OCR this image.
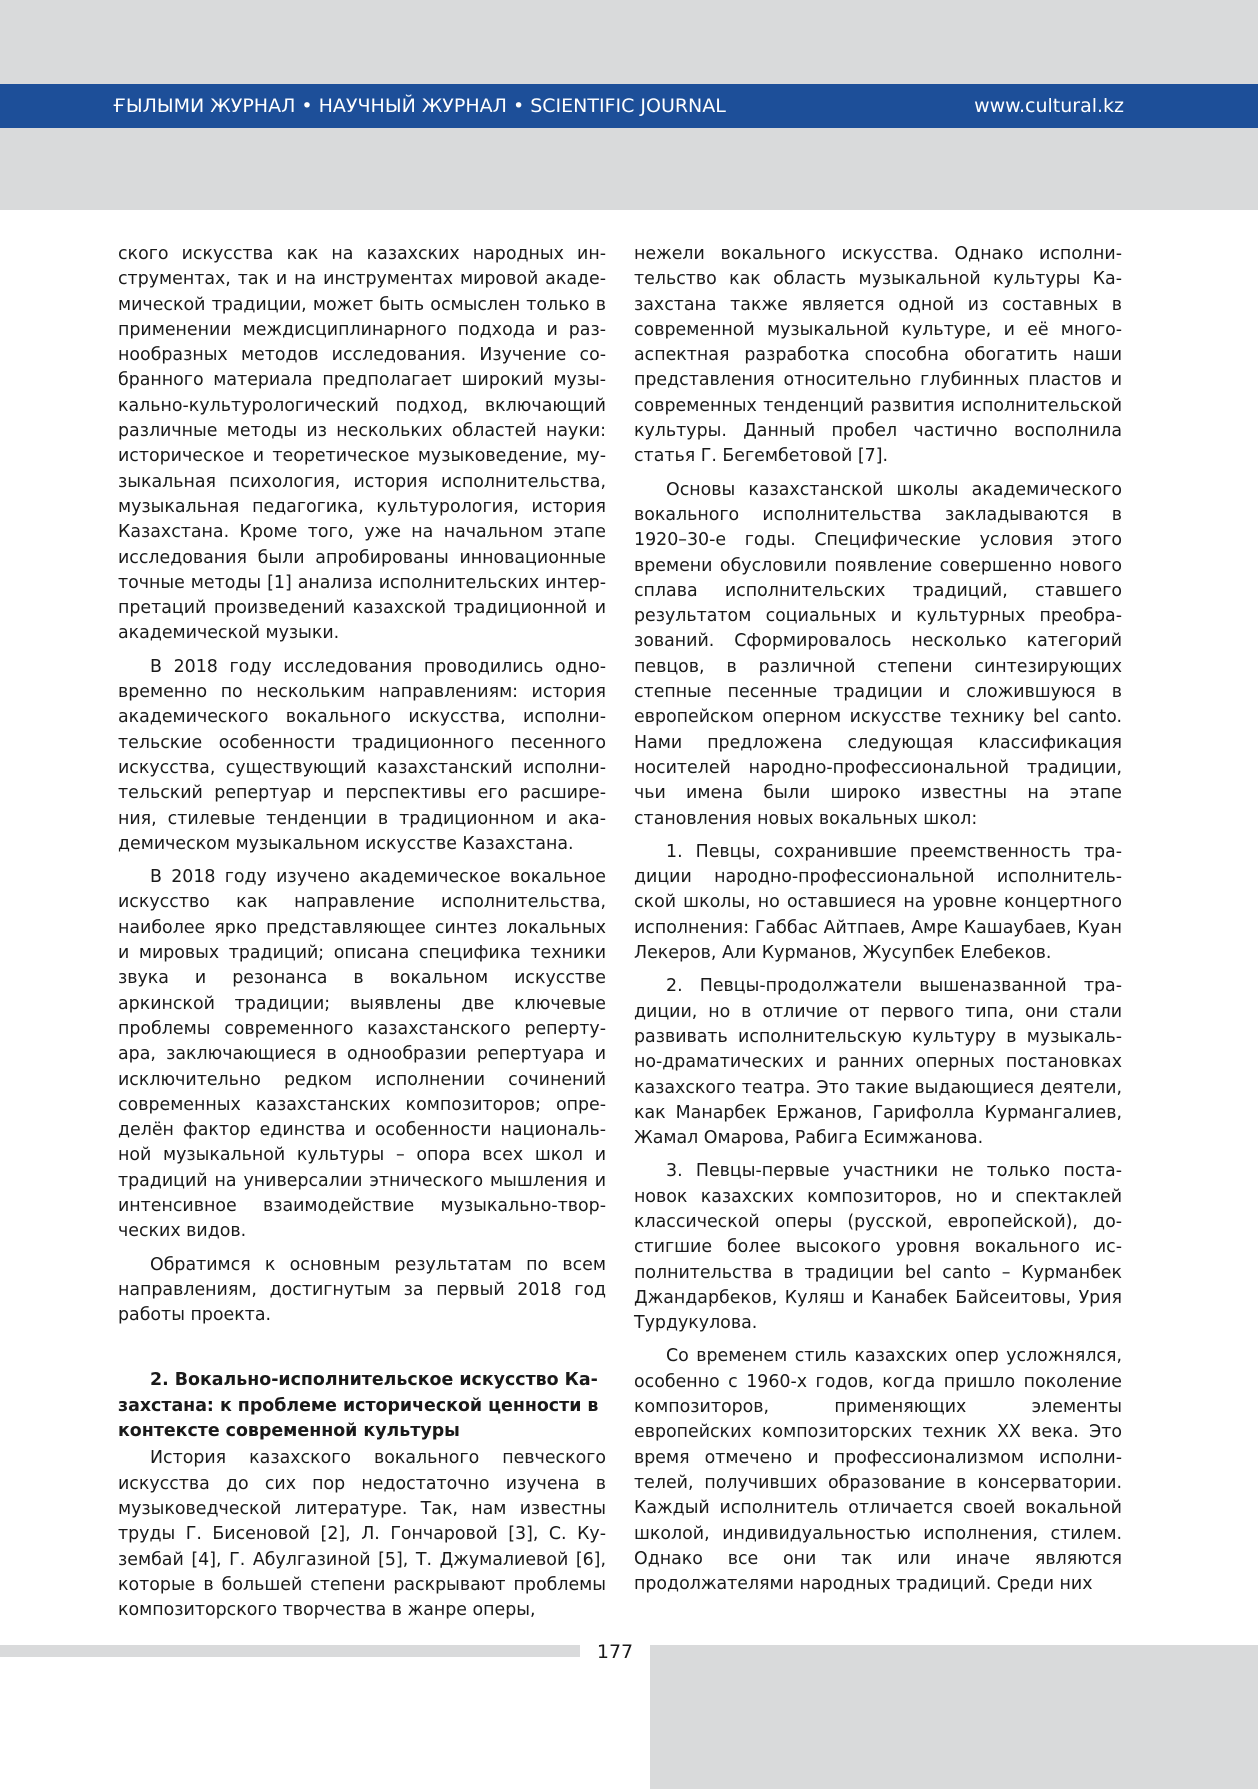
ҒЫЛЫМИ ЖУРНАЛ • НАУЧНЫЙ ЖУРНАЛ • SCIENTIFIC JOURNAL	www.cultural.kz

ского искусства как на казахских народных инструментах, так и на инструментах мировой академической традиции, может быть осмыслен только в применении междисциплинарного подхода и разнообразных методов исследования. Изучение собранного материала предполагает широкий музыкально-культурологический подход, включающий различные методы из нескольких областей науки: историческое и теоретическое музыковедение, музыкальная психология, история исполнительства, музыкальная педагогика, культурология, история Казахстана. Кроме того, уже на начальном этапе исследования были апробированы инновационные точные методы [1] анализа исполнительских интерпретаций произведений казахской традиционной и академической музыки.

В 2018 году исследования проводились одновременно по нескольким направлениям: история академического вокального искусства, исполнительские особенности традиционного песенного искусства, существующий казахстанский исполнительский репертуар и перспективы его расширения, стилевые тенденции в традиционном и академическом музыкальном искусстве Казахстана.

В 2018 году изучено академическое вокальное искусство как направление исполнительства, наиболее ярко представляющее синтез локальных и мировых традиций; описана специфика техники звука и резонанса в вокальном искусстве аркинской традиции; выявлены две ключевые проблемы современного казахстанского репертуара, заключающиеся в однообразии репертуара и исключительно редком исполнении сочинений современных казахстанских композиторов; определён фактор единства и особенности национальной музыкальной культуры – опора всех школ и традиций на универсалии этнического мышления и интенсивное взаимодействие музыкально-творческих видов.

Обратимся к основным результатам по всем направлениям, достигнутым за первый 2018 год работы проекта.

2. Вокально-исполнительское искусство Казахстана: к проблеме исторической ценности в контексте современной культуры

История казахского вокального певческого искусства до сих пор недостаточно изучена в музыковедческой литературе. Так, нам известны труды Г. Бисеновой [2], Л. Гончаровой [3], С. Кузембай [4], Г. Абулгазиной [5], Т. Джумалиевой [6], которые в большей степени раскрывают проблемы композиторского творчества в жанре оперы,

нежели вокального искусства. Однако исполнительство как область музыкальной культуры Казахстана также является одной из составных в современной музыкальной культуре, и её многоаспектная разработка способна обогатить наши представления относительно глубинных пластов и современных тенденций развития исполнительской культуры. Данный пробел частично восполнила статья Г. Бегембетовой [7].

Основы казахстанской школы академического вокального исполнительства закладываются в 1920–30-е годы. Специфические условия этого времени обусловили появление совершенно нового сплава исполнительских традиций, ставшего результатом социальных и культурных преобразований. Сформировалось несколько категорий певцов, в различной степени синтезирующих степные песенные традиции и сложившуюся в европейском оперном искусстве технику bel canto. Нами предложена следующая классификация носителей народно-профессиональной традиции, чьи имена были широко известны на этапе становления новых вокальных школ:

1. Певцы, сохранившие преемственность традиции народно-профессиональной исполнительской школы, но оставшиеся на уровне концертного исполнения: Габбас Айтпаев, Амре Кашаубаев, Куан Лекеров, Али Курманов, Жусупбек Елебеков.

2. Певцы-продолжатели вышеназванной традиции, но в отличие от первого типа, они стали развивать исполнительскую культуру в музыкально-драматических и ранних оперных постановках казахского театра. Это такие выдающиеся деятели, как Манарбек Ержанов, Гарифолла Курмангалиев, Жамал Омарова, Рабига Есимжанова.

3. Певцы-первые участники не только постановок казахских композиторов, но и спектаклей классической оперы (русской, европейской), достигшие более высокого уровня вокального исполнительства в традиции bel canto – Курманбек Джандарбеков, Куляш и Канабек Байсеитовы, Урия Турдукулова.

Со временем стиль казахских опер усложнялся, особенно с 1960-х годов, когда пришло поколение композиторов, применяющих элементы европейских композиторских техник ХХ века. Это время отмечено и профессионализмом исполнителей, получивших образование в консерватории. Каждый исполнитель отличается своей вокальной школой, индивидуальностью исполнения, стилем. Однако все они так или иначе являются продолжателями народных традиций. Среди них

177
